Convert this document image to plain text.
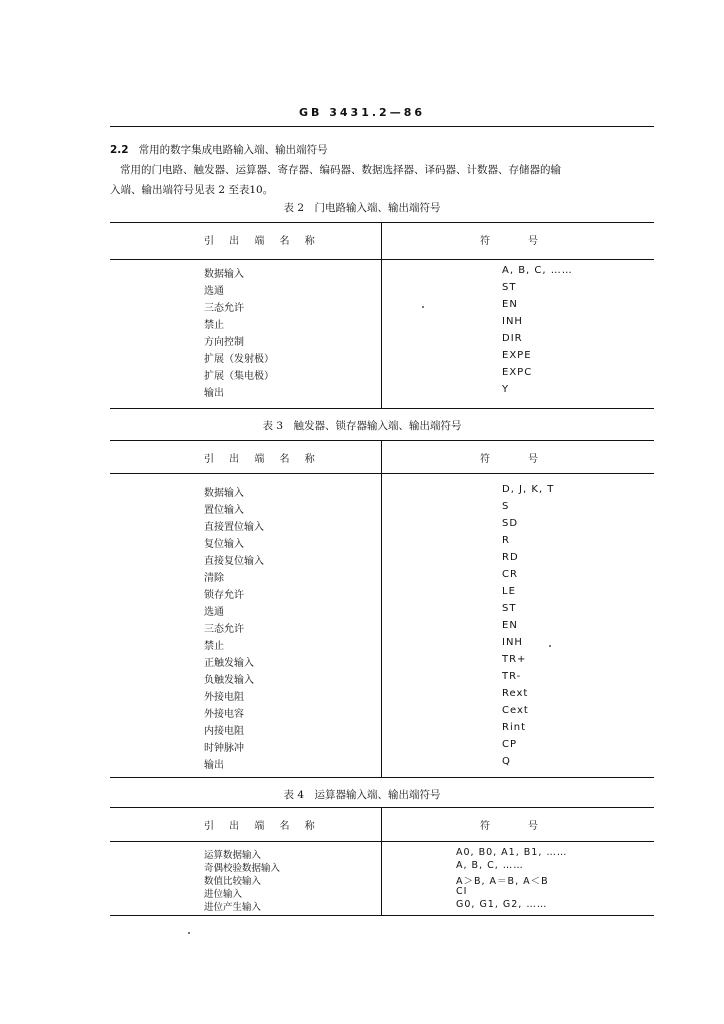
GB 3431.2—86
2.2 常用的数字集成电路输入端、输出端符号
常用的门电路、触发器、运算器、寄存器、编码器、数据选择器、译码器、计数器、存储器的输
入端、输出端符号见表 2 至表10。
表 2　门电路输入端、输出端符号
引 出 端 名 称	符　　　号
数据输入	A, B, C, ……
选通	ST
三态允许	EN
禁止	INH
方向控制	DIR
扩展（发射极）	EXPE
扩展（集电极）	EXPC
输出	Y
表 3　触发器、锁存器输入端、输出端符号
引 出 端 名 称	符　　　号
数据输入	D, J, K, T
置位输入	S
直接置位输入	SD
复位输入	R
直接复位输入	RD
清除	CR
锁存允许	LE
选通	ST
三态允许	EN
禁止	INH
正触发输入	TR+
负触发输入	TR-
外接电阻	Rext
外接电容	Cext
内接电阻	Rint
时钟脉冲	CP
输出	Q
表 4　运算器输入端、输出端符号
引 出 端 名 称	符　　　号
运算数据输入	A0, B0, A1, B1, ……
奇偶校验数据输入	A, B, C, ……
数值比较输入	A＞B, A＝B, A＜B
进位输入	CI
进位产生输入	G0, G1, G2, ……
